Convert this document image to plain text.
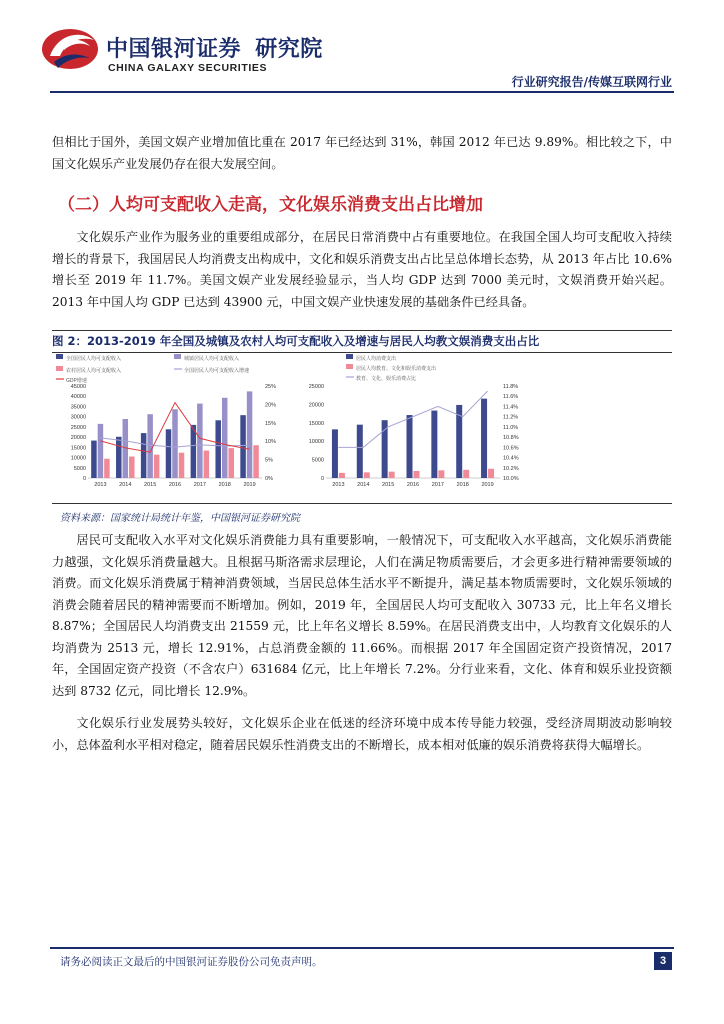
中国银河证券 研究院
CHINA GALAXY SECURITIES
行业研究报告/传媒互联网行业

但相比于国外，美国文娱产业增加值比重在 2017 年已经达到 31%，韩国 2012 年已达 9.89%。相比较之下，中国文化娱乐产业发展仍存在很大发展空间。

（二）人均可支配收入走高，文化娱乐消费支出占比增加

文化娱乐产业作为服务业的重要组成部分，在居民日常消费中占有重要地位。在我国全国人均可支配收入持续增长的背景下，我国居民人均消费支出构成中，文化和娱乐消费支出占比呈总体增长态势，从 2013 年占比 10.6%增长至 2019 年 11.7%。美国文娱产业发展经验显示，当人均 GDP 达到 7000 美元时，文娱消费开始兴起。2013 年中国人均 GDP 已达到 43900 元，中国文娱产业快速发展的基础条件已经具备。

图 2：2013-2019 年全国及城镇及农村人均可支配收入及增速与居民人均教文娱消费支出占比
全国居民人均可支配收入	城镇居民人均可支配收入
农村居民人均可支配收入	全国居民人均可支配收入增速
GDP增速
45000
40000
35000
30000
25000
20000
15000
10000
5000
0
25%
20%
15%
10%
5%
0%
2013 2014 2015 2016 2017 2018 2019
居民人均消费支出
居民人均教育、文化和娱乐消费支出
教育、文化、娱乐消费占比
25000
20000
15000
10000
5000
0
11.8%
11.6%
11.4%
11.2%
11.0%
10.8%
10.6%
10.4%
10.2%
10.0%
2013 2014 2015 2016 2017 2018 2019
资料来源：国家统计局统计年鉴，中国银河证券研究院

居民可支配收入水平对文化娱乐消费能力具有重要影响，一般情况下，可支配收入水平越高，文化娱乐消费能力越强，文化娱乐消费量越大。且根据马斯洛需求层理论，人们在满足物质需要后，才会更多进行精神需要领域的消费。而文化娱乐消费属于精神消费领域，当居民总体生活水平不断提升，满足基本物质需要时，文化娱乐领域的消费会随着居民的精神需要而不断增加。例如，2019 年，全国居民人均可支配收入 30733 元，比上年名义增长 8.87%；全国居民人均消费支出 21559 元，比上年名义增长 8.59%。在居民消费支出中，人均教育文化娱乐的人均消费为 2513 元，增长 12.91%，占总消费金额的 11.66%。而根据 2017 年全国固定资产投资情况，2017 年，全国固定资产投资（不含农户）631684 亿元，比上年增长 7.2%。分行业来看，文化、体育和娱乐业投资额达到 8732 亿元，同比增长 12.9%。

文化娱乐行业发展势头较好，文化娱乐企业在低迷的经济环境中成本传导能力较强，受经济周期波动影响较小，总体盈利水平相对稳定，随着居民娱乐性消费支出的不断增长，成本相对低廉的娱乐消费将获得大幅增长。

请务必阅读正文最后的中国银河证券股份公司免责声明。	3
